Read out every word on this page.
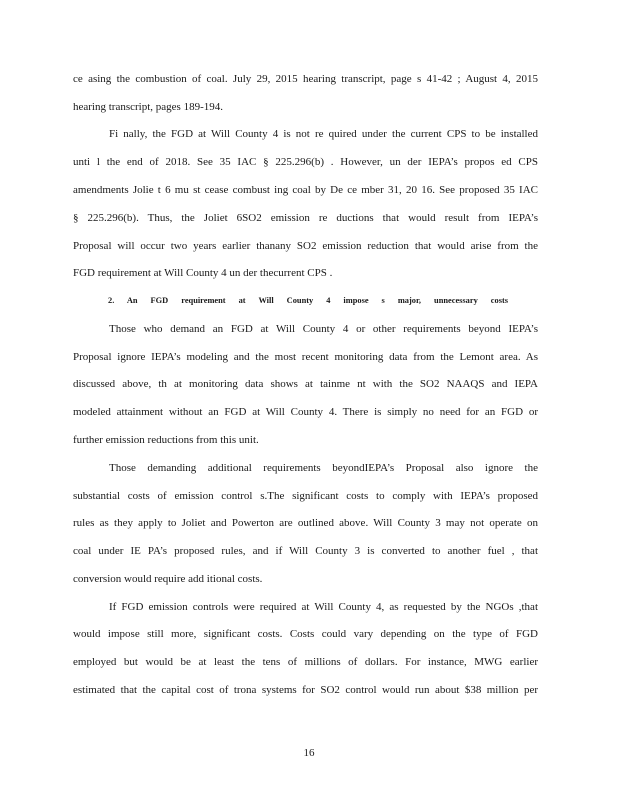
ce asing the combustion of coal. July 29, 2015 hearing transcript, page s 41-42 ; August 4, 2015
hearing transcript, pages 189-194.
Fi nally, the FGD at Will County 4 is not re quired under the current CPS to be installed
unti l the end of 2018. See 35 IAC § 225.296(b) . However, un der IEPA’s propos ed CPS
amendments Jolie t 6 mu st cease combust ing coal by De ce mber 31, 20 16. See proposed 35 IAC
§ 225.296(b). Thus, the Joliet 6SO2 emission re ductions that would result from IEPA’s
Proposal will occur two years earlier thanany SO2 emission reduction that would arise from the
FGD requirement at Will County 4 un der thecurrent CPS .
2. An FGD requirement at Will County 4 impose s major, unnecessary costs
Those who demand an FGD at Will County 4 or other requirements beyond IEPA’s
Proposal ignore IEPA’s modeling and the most recent monitoring data from the Lemont area. As
discussed above, th at monitoring data shows at tainme nt with the SO2 NAAQS and IEPA
modeled attainment without an FGD at Will County 4. There is simply no need for an FGD or
further emission reductions from this unit.
Those demanding additional requirements beyondIEPA’s Proposal also ignore the
substantial costs of emission control s.The significant costs to comply with IEPA’s proposed
rules as they apply to Joliet and Powerton are outlined above. Will County 3 may not operate on
coal under IE PA’s proposed rules, and if Will County 3 is converted to another fuel , that
conversion would require add itional costs.
If FGD emission controls were required at Will County 4, as requested by the NGOs ,that
would impose still more, significant costs. Costs could vary depending on the type of FGD
employed but would be at least the tens of millions of dollars. For instance, MWG earlier
estimated that the capital cost of trona systems for SO2 control would run about $38 million per
16
